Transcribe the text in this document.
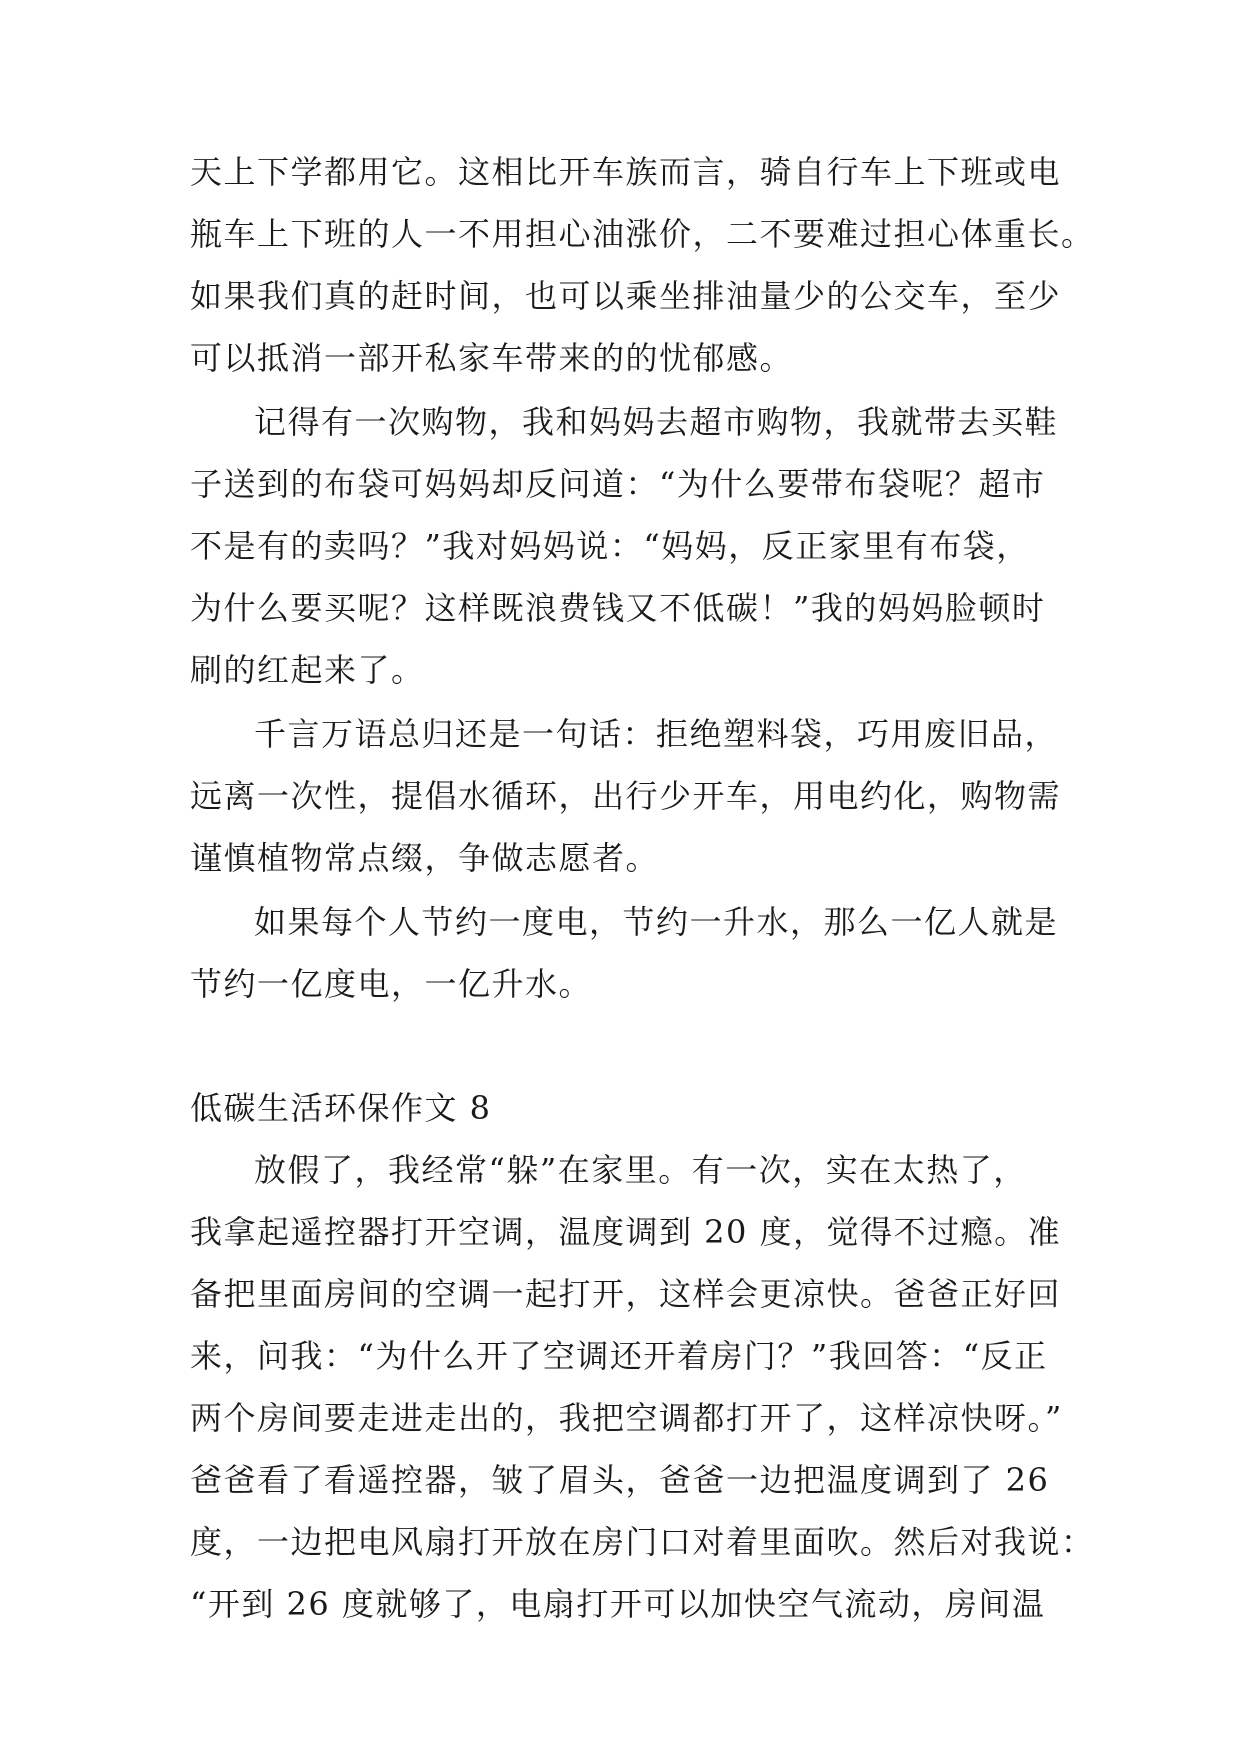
天上下学都用它。这相比开车族而言，骑自行车上下班或电
瓶车上下班的人一不用担心油涨价，二不要难过担心体重长。
如果我们真的赶时间，也可以乘坐排油量少的公交车，至少
可以抵消一部开私家车带来的的忧郁感。
记得有一次购物，我和妈妈去超市购物，我就带去买鞋
子送到的布袋可妈妈却反问道：“为什么要带布袋呢？超市
不是有的卖吗？”我对妈妈说：“妈妈，反正家里有布袋，
为什么要买呢？这样既浪费钱又不低碳！”我的妈妈脸顿时
刷的红起来了。
千言万语总归还是一句话：拒绝塑料袋，巧用废旧品，
远离一次性，提倡水循环，出行少开车，用电约化，购物需
谨慎植物常点缀，争做志愿者。
如果每个人节约一度电，节约一升水，那么一亿人就是
节约一亿度电，一亿升水。
低碳生活环保作文 8
放假了，我经常“躲”在家里。有一次，实在太热了，
我拿起遥控器打开空调，温度调到 20 度，觉得不过瘾。准
备把里面房间的空调一起打开，这样会更凉快。爸爸正好回
来，问我：“为什么开了空调还开着房门？”我回答：“反正
两个房间要走进走出的，我把空调都打开了，这样凉快呀。”
爸爸看了看遥控器，皱了眉头，爸爸一边把温度调到了 26
度，一边把电风扇打开放在房门口对着里面吹。然后对我说：
“开到 26 度就够了，电扇打开可以加快空气流动，房间温
